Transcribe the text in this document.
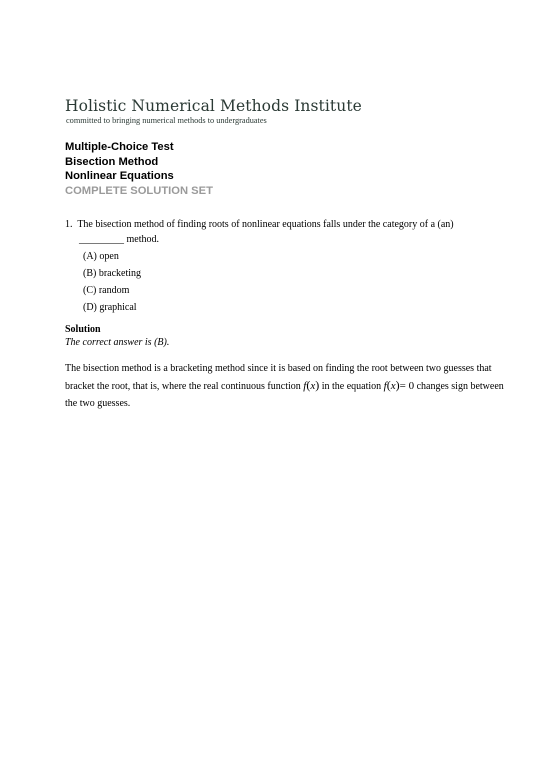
Holistic Numerical Methods Institute
committed to bringing numerical methods to undergraduates
Multiple-Choice Test
Bisection Method
Nonlinear Equations
COMPLETE SOLUTION SET
1. The bisection method of finding roots of nonlinear equations falls under the category of a (an)
_________ method.
(A) open
(B) bracketing
(C) random
(D) graphical
Solution
The correct answer is (B).
The bisection method is a bracketing method since it is based on finding the root between two guesses that bracket the root, that is, where the real continuous function f(x) in the equation f(x)= 0 changes sign between the two guesses.
